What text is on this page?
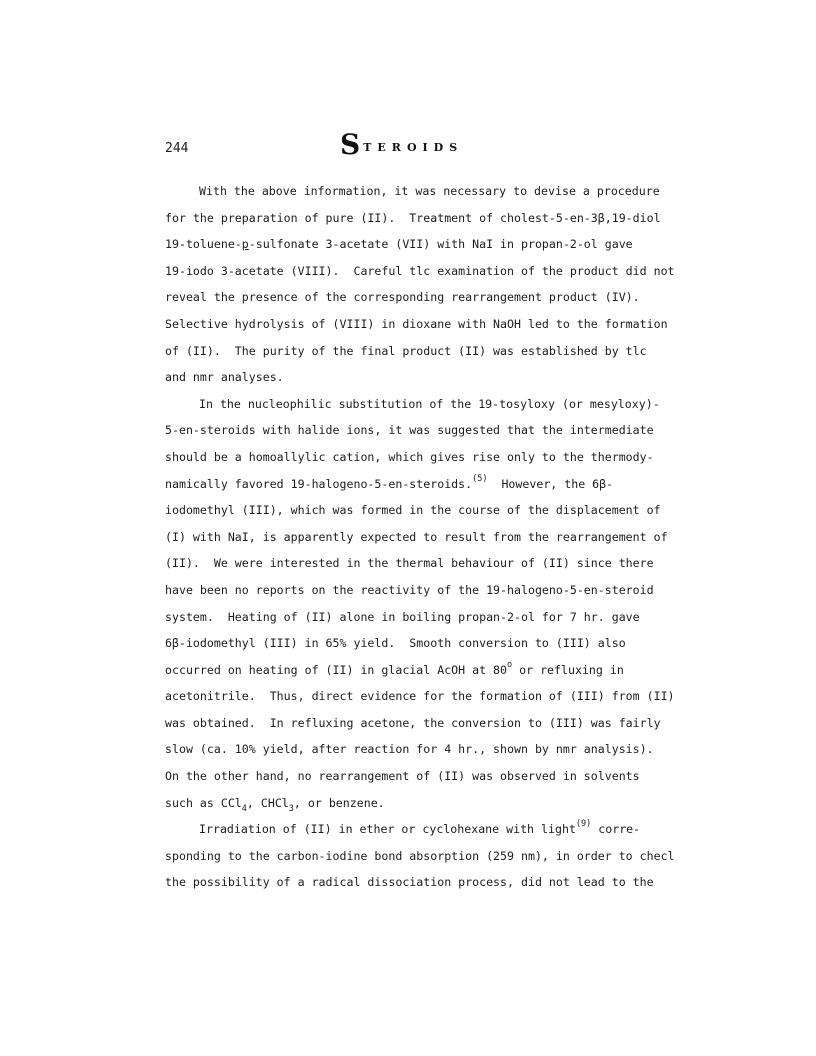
244	STEROIDS
With the above information, it was necessary to devise a procedure
for the preparation of pure (II).  Treatment of cholest-5-en-3β,19-diol
19-toluene-p-sulfonate 3-acetate (VII) with NaI in propan-2-ol gave
19-iodo 3-acetate (VIII).  Careful tlc examination of the product did not
reveal the presence of the corresponding rearrangement product (IV).
Selective hydrolysis of (VIII) in dioxane with NaOH led to the formation
of (II).  The purity of the final product (II) was established by tlc
and nmr analyses.
In the nucleophilic substitution of the 19-tosyloxy (or mesyloxy)-
5-en-steroids with halide ions, it was suggested that the intermediate
should be a homoallylic cation, which gives rise only to the thermody-
namically favored 19-halogeno-5-en-steroids.$^{(5)}$  However, the 6β-
iodomethyl (III), which was formed in the course of the displacement of
(I) with NaI, is apparently expected to result from the rearrangement of
(II).  We were interested in the thermal behaviour of (II) since there
have been no reports on the reactivity of the 19-halogeno-5-en-steroid
system.  Heating of (II) alone in boiling propan-2-ol for 7 hr. gave
6β-iodomethyl (III) in 65% yield.  Smooth conversion to (III) also
occurred on heating of (II) in glacial AcOH at 80$^o$ or refluxing in
acetonitrile.  Thus, direct evidence for the formation of (III) from (II)
was obtained.  In refluxing acetone, the conversion to (III) was fairly
slow (ca. 10% yield, after reaction for 4 hr., shown by nmr analysis).
On the other hand, no rearrangement of (II) was observed in solvents
such as CCl$_4$, CHCl$_3$, or benzene.
Irradiation of (II) in ether or cyclohexane with light$^{(9)}$ corre-
sponding to the carbon-iodine bond absorption (259 nm), in order to checl
the possibility of a radical dissociation process, did not lead to the
